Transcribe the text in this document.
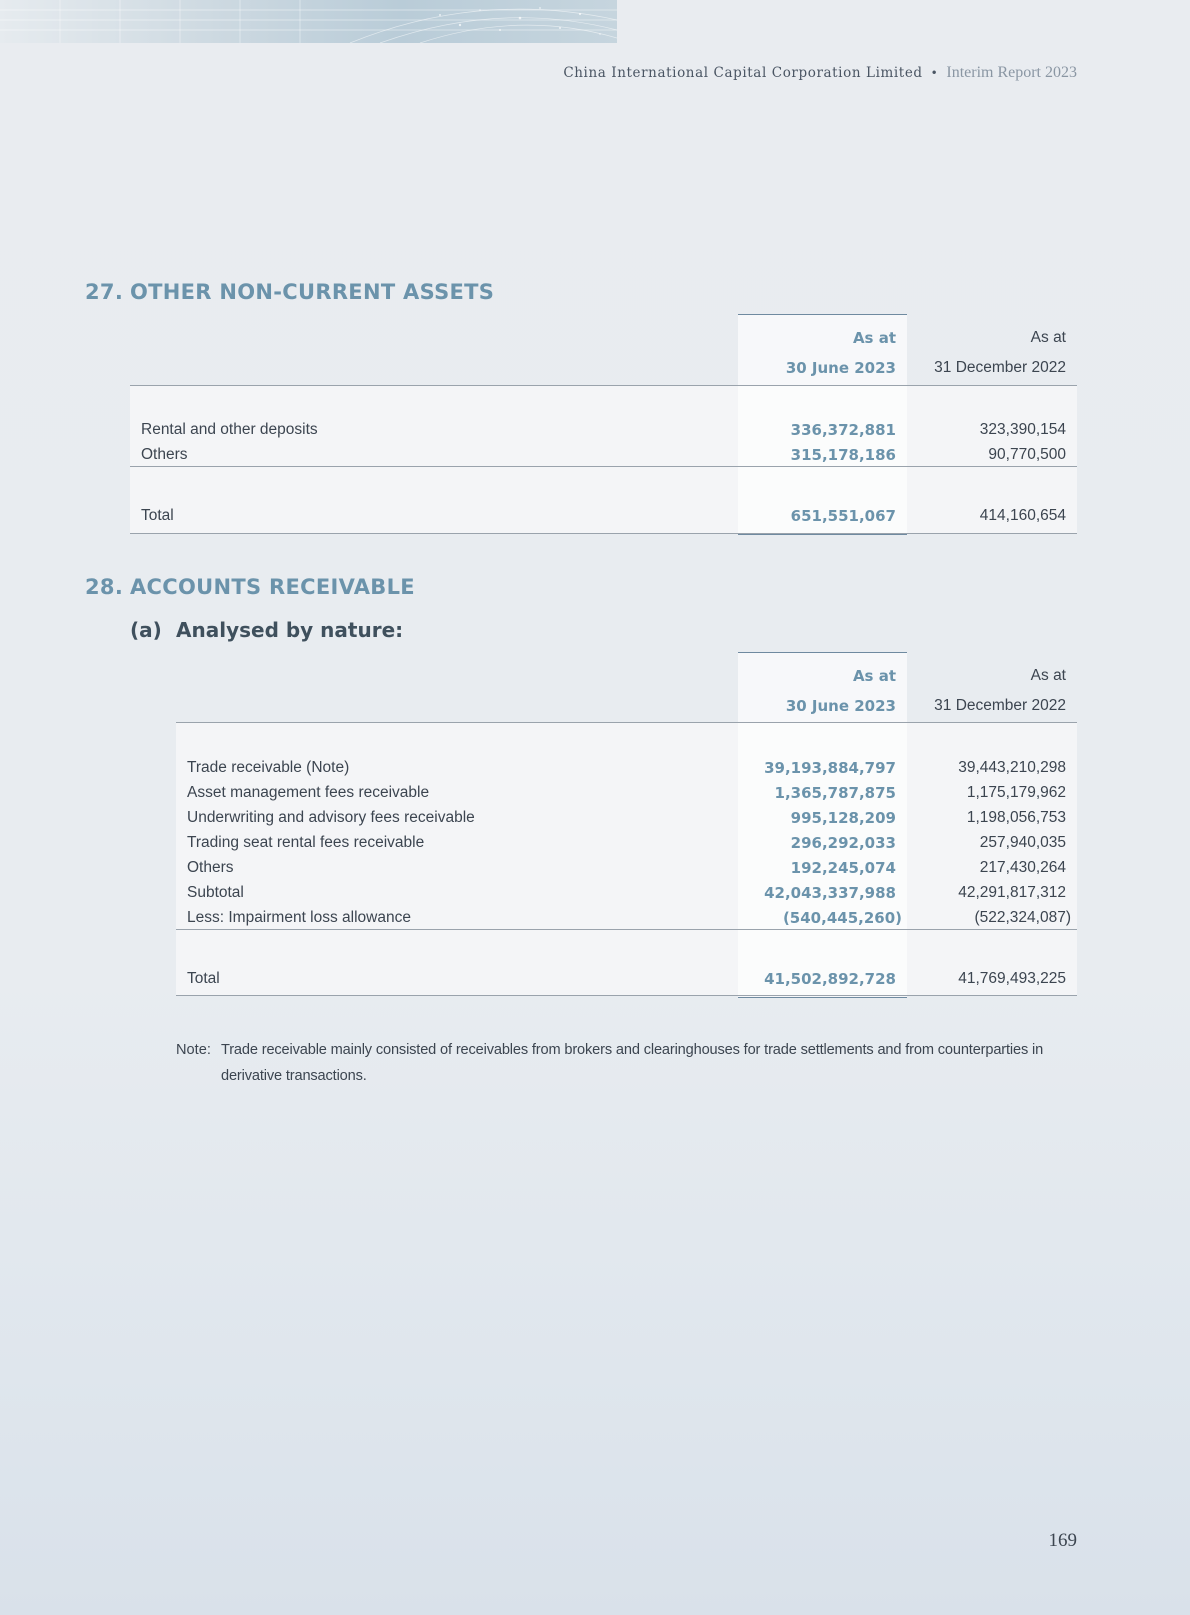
China International Capital Corporation Limited • Interim Report 2023
27. OTHER NON-CURRENT ASSETS
As at
30 June 2023
As at
31 December 2022
Rental and other deposits	336,372,881	323,390,154
Others	315,178,186	90,770,500
Total	651,551,067	414,160,654
28. ACCOUNTS RECEIVABLE
(a) Analysed by nature:
As at
30 June 2023
As at
31 December 2022
Trade receivable (Note)	39,193,884,797	39,443,210,298
Asset management fees receivable	1,365,787,875	1,175,179,962
Underwriting and advisory fees receivable	995,128,209	1,198,056,753
Trading seat rental fees receivable	296,292,033	257,940,035
Others	192,245,074	217,430,264
Subtotal	42,043,337,988	42,291,817,312
Less: Impairment loss allowance	(540,445,260)	(522,324,087)
Total	41,502,892,728	41,769,493,225
Note: Trade receivable mainly consisted of receivables from brokers and clearinghouses for trade settlements and from counterparties in derivative transactions.
169
